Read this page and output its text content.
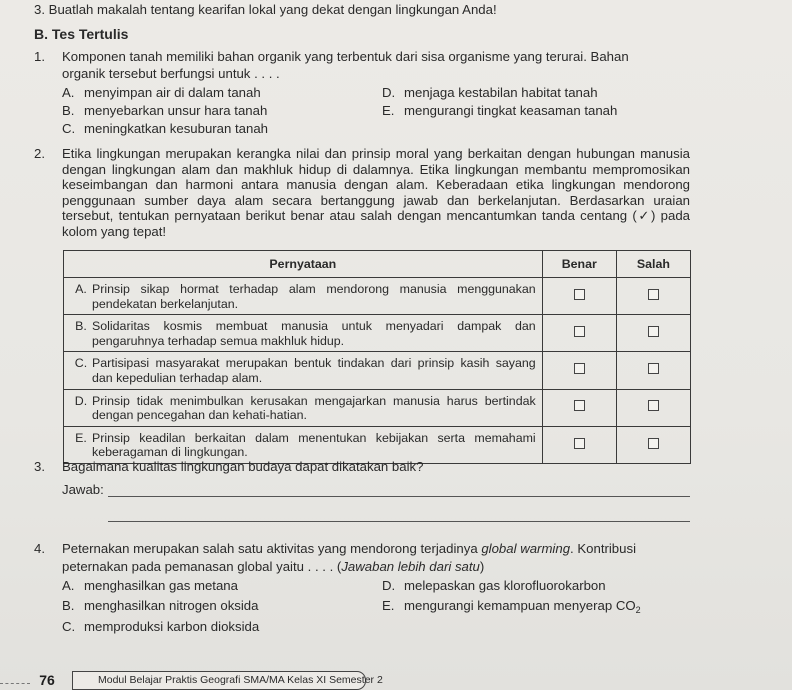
3. Buatlah makalah tentang kearifan lokal yang dekat dengan lingkungan Anda!
B. Tes Tertulis
1. Komponen tanah memiliki bahan organik yang terbentuk dari sisa organisme yang terurai. Bahan
organik tersebut berfungsi untuk . . . .
A. menyimpan air di dalam tanah
B. menyebarkan unsur hara tanah
C. meningkatkan kesuburan tanah
D. menjaga kestabilan habitat tanah
E. mengurangi tingkat keasaman tanah
2. Etika lingkungan merupakan kerangka nilai dan prinsip moral yang berkaitan dengan hubungan manusia dengan lingkungan alam dan makhluk hidup di dalamnya. Etika lingkungan membantu mempromosikan keseimbangan dan harmoni antara manusia dengan alam. Keberadaan etika lingkungan mendorong penggunaan sumber daya alam secara bertanggung jawab dan berkelanjutan. Berdasarkan uraian tersebut, tentukan pernyataan berikut benar atau salah dengan mencantumkan tanda centang (✓) pada kolom yang tepat!
Pernyataan	Benar	Salah

A. Prinsip sikap hormat terhadap alam mendorong manusia menggunakan pendekatan berkelanjutan.		

B. Solidaritas kosmis membuat manusia untuk menyadari dampak dan pengaruhnya terhadap semua makhluk hidup.		

C. Partisipasi masyarakat merupakan bentuk tindakan dari prinsip kasih sayang dan kepedulian terhadap alam.		

D. Prinsip tidak menimbulkan kerusakan mengajarkan manusia harus bertindak dengan pencegahan dan kehati-hatian.		

E. Prinsip keadilan berkaitan dalam menentukan kebijakan serta memahami keberagaman di lingkungan.		

3. Bagaimana kualitas lingkungan budaya dapat dikatakan baik?
Jawab:
4. Peternakan merupakan salah satu aktivitas yang mendorong terjadinya global warming. Kontribusi
peternakan pada pemanasan global yaitu . . . . (Jawaban lebih dari satu)
A. menghasilkan gas metana
B. menghasilkan nitrogen oksida
C. memproduksi karbon dioksida
D. melepaskan gas klorofluorokarbon
E. mengurangi kemampuan menyerap $CO_2$
76	Modul Belajar Praktis Geografi SMA/MA Kelas XI Semester 2
